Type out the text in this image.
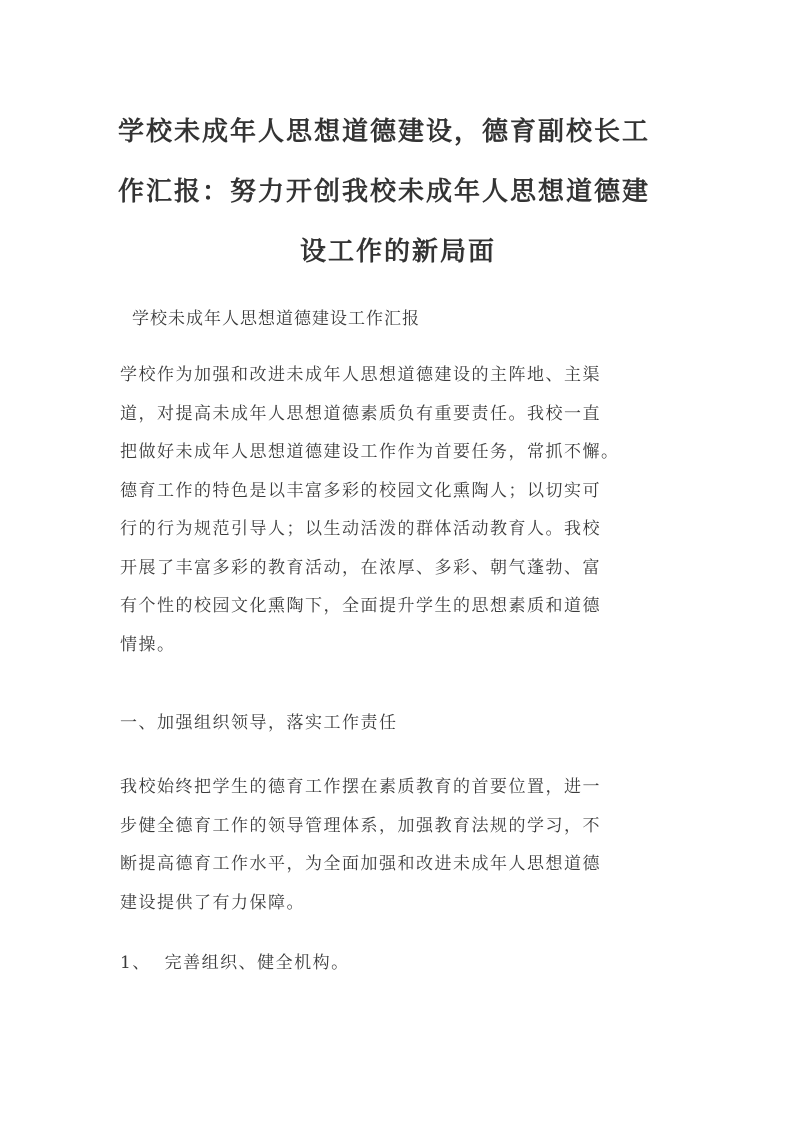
学校未成年人思想道德建设，德育副校长工
作汇报：努力开创我校未成年人思想道德建
设工作的新局面
学校未成年人思想道德建设工作汇报
学校作为加强和改进未成年人思想道德建设的主阵地、主渠
道，对提高未成年人思想道德素质负有重要责任。我校一直
把做好未成年人思想道德建设工作作为首要任务，常抓不懈。
德育工作的特色是以丰富多彩的校园文化熏陶人；以切实可
行的行为规范引导人；以生动活泼的群体活动教育人。我校
开展了丰富多彩的教育活动，在浓厚、多彩、朝气蓬勃、富
有个性的校园文化熏陶下，全面提升学生的思想素质和道德
情操。
一、加强组织领导，落实工作责任
我校始终把学生的德育工作摆在素质教育的首要位置，进一
步健全德育工作的领导管理体系，加强教育法规的学习，不
断提高德育工作水平，为全面加强和改进未成年人思想道德
建设提供了有力保障。
1、  完善组织、健全机构。
